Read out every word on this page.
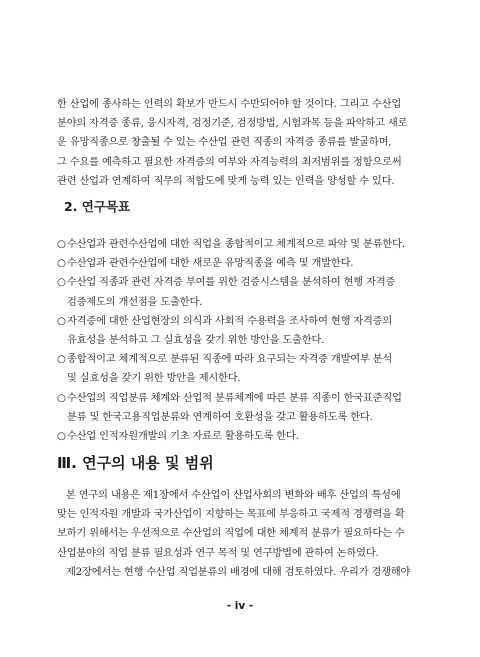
한 산업에 종사하는 인력의 확보가 반드시 수반되어야 할 것이다. 그리고 수산업
분야의 자격증 종류, 응시자격, 검정기준, 검정방법, 시험과목 등을 파악하고 새로
운 유망직종으로 창출될 수 있는 수산업 관련 직종의 자격증 종류를 발굴하며,
그 수요를 예측하고 필요한 자격증의 여부와 자격능력의 최저범위를 정함으로써
관련 산업과 연계하여 직무의 적합도에 맞게 능력 있는 인력을 양성할 수 있다.
2. 연구목표
○ 수산업과 관련수산업에 대한 직업을 종합적이고 체계적으로 파악 및 분류한다.
○ 수산업과 관련수산업에 대한 새로운 유망직종을 예측 및 개발한다.
○ 수산업 직종과 관련 자격증 부여를 위한 검증시스템을 분석하여 현행 자격증
검증제도의 개선점을 도출한다.
○ 자격증에 대한 산업현장의 의식과 사회적 수용력을 조사하여 현행 자격증의
유효성을 분석하고 그 실효성을 갖기 위한 방안을 도출한다.
○ 종합적이고 체계적으로 분류된 직종에 따라 요구되는 자격증 개발여부 분석
및 실효성을 갖기 위한 방안을 제시한다.
○ 수산업의 직업분류 체계와 산업적 분류체계에 따른 분류 직종이 한국표준직업
분류 및 한국고용직업분류와 연계하여 호환성을 갖고 활용하도록 한다.
○ 수산업 인적자원개발의 기초 자료로 활용하도록 한다.
Ⅲ. 연구의 내용 및 범위
본 연구의 내용은 제1장에서 수산업이 산업사회의 변화와 배후 산업의 특성에
맞는 인적자원 개발과 국가산업이 지향하는 목표에 부응하고 국제적 경쟁력을 확
보하기 위해서는 우선적으로 수산업의 직업에 대한 체계적 분류가 필요하다는 수
산업분야의 직업 분류 필요성과 연구 목적 및 연구방법에 관하여 논하였다.
제2장에서는 현행 수산업 직업분류의 배경에 대해 검토하였다. 우리가 경쟁해야
- iv -
